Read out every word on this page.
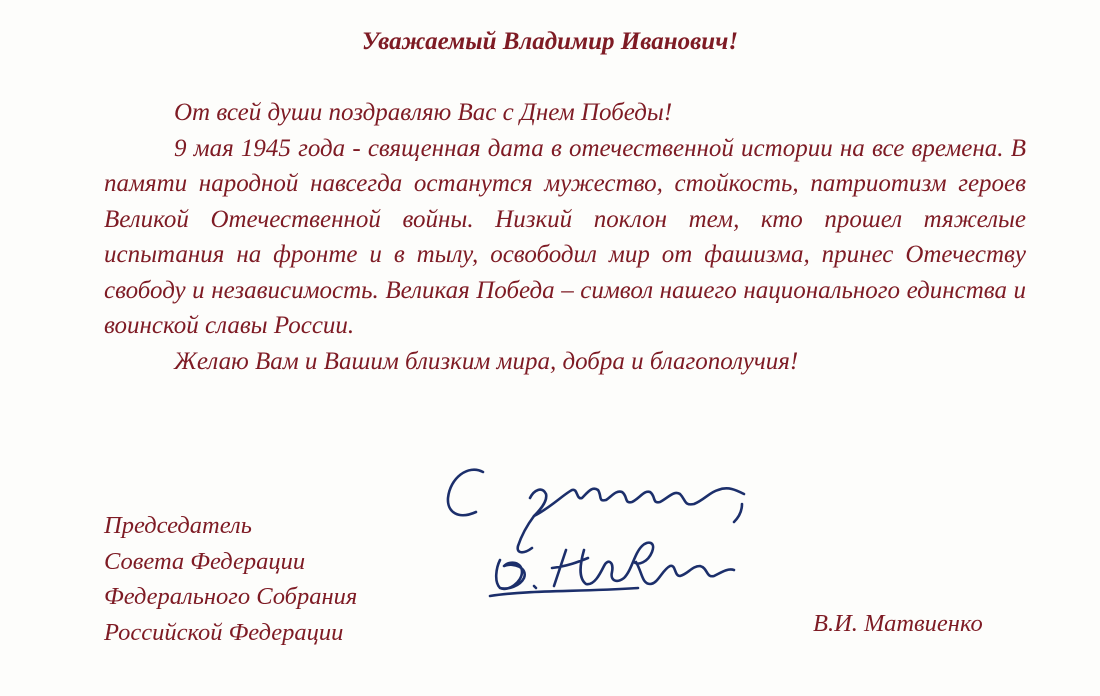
Уважаемый Владимир Иванович!

От всей души поздравляю Вас с Днем Победы!

9 мая 1945 года - священная дата в отечественной истории на все времена. В памяти народной навсегда останутся мужество, стойкость, патриотизм героев Великой Отечественной войны. Низкий поклон тем, кто прошел тяжелые испытания на фронте и в тылу, освободил мир от фашизма, принес Отечеству свободу и независимость. Великая Победа – символ нашего национального единства и воинской славы России.

Желаю Вам и Вашим близким мира, добра и благополучия!

Председатель
Совета Федерации
Федерального Собрания
Российской Федерации	В.И. Матвиенко
